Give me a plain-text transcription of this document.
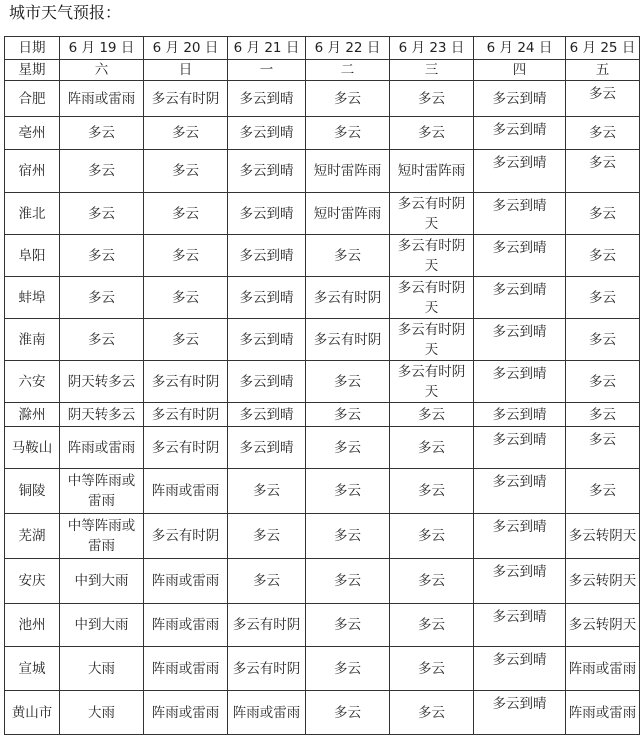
城市天气预报：
日期	6 月 19 日	6 月 20 日	6 月 21 日	6 月 22 日	6 月 23 日	6 月 24 日	6 月 25 日
星期	六	日	一	二	三	四	五
合肥	阵雨或雷雨	多云有时阴	多云到晴	多云	多云	多云到晴	多云
亳州	多云	多云	多云到晴	多云	多云	多云到晴	多云
宿州	多云	多云	多云到晴	短时雷阵雨	短时雷阵雨	多云到晴	多云
淮北	多云	多云	多云到晴	短时雷阵雨	多云有时阴天	多云到晴	多云
阜阳	多云	多云	多云到晴	多云	多云有时阴天	多云到晴	多云
蚌埠	多云	多云	多云到晴	多云有时阴	多云有时阴天	多云到晴	多云
淮南	多云	多云	多云到晴	多云有时阴	多云有时阴天	多云到晴	多云
六安	阴天转多云	多云有时阴	多云到晴	多云	多云有时阴天	多云到晴	多云
滁州	阴天转多云	多云有时阴	多云到晴	多云	多云	多云到晴	多云
马鞍山	阵雨或雷雨	多云有时阴	多云到晴	多云	多云	多云到晴	多云
铜陵	中等阵雨或雷雨	阵雨或雷雨	多云	多云	多云	多云到晴	多云
芜湖	中等阵雨或雷雨	多云有时阴	多云	多云	多云	多云到晴	多云转阴天
安庆	中到大雨	阵雨或雷雨	多云	多云	多云	多云到晴	多云转阴天
池州	中到大雨	阵雨或雷雨	多云有时阴	多云	多云	多云到晴	多云转阴天
宣城	大雨	阵雨或雷雨	多云有时阴	多云	多云	多云到晴	阵雨或雷雨
黄山市	大雨	阵雨或雷雨	阵雨或雷雨	多云	多云	多云到晴	阵雨或雷雨
